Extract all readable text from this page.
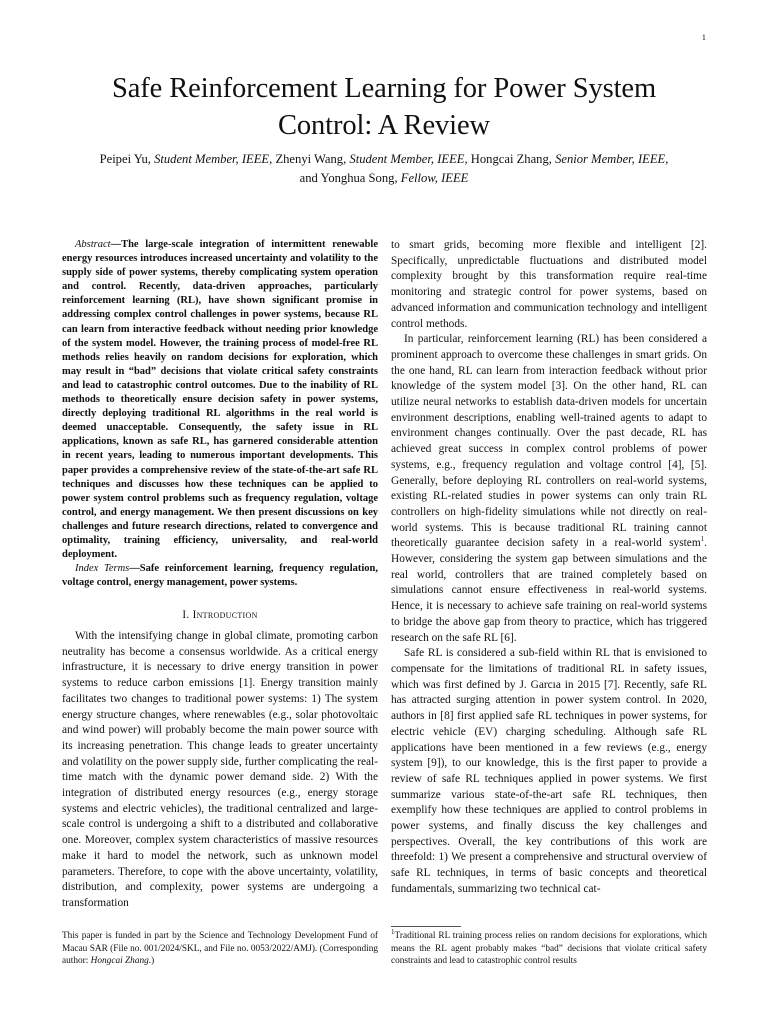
1
Safe Reinforcement Learning for Power System
Control: A Review
Peipei Yu, Student Member, IEEE, Zhenyi Wang, Student Member, IEEE, Hongcai Zhang, Senior Member, IEEE,
and Yonghua Song, Fellow, IEEE

Abstract—The large-scale integration of intermittent renewable energy resources introduces increased uncertainty and volatility to the supply side of power systems, thereby complicating system operation and control. Recently, data-driven approaches, particularly reinforcement learning (RL), have shown significant promise in addressing complex control challenges in power systems, because RL can learn from interactive feedback without needing prior knowledge of the system model. However, the training process of model-free RL methods relies heavily on random decisions for exploration, which may result in “bad” decisions that violate critical safety constraints and lead to catastrophic control outcomes. Due to the inability of RL methods to theoretically ensure decision safety in power systems, directly deploying traditional RL algorithms in the real world is deemed unacceptable. Consequently, the safety issue in RL applications, known as safe RL, has garnered considerable attention in recent years, leading to numerous important developments. This paper provides a comprehensive review of the state-of-the-art safe RL techniques and discusses how these techniques can be applied to power system control problems such as frequency regulation, voltage control, and energy management. We then present discussions on key challenges and future research directions, related to convergence and optimality, training efficiency, universality, and real-world deployment.

Index Terms—Safe reinforcement learning, frequency regulation, voltage control, energy management, power systems.

I. Introduction

With the intensifying change in global climate, promoting carbon neutrality has become a consensus worldwide. As a critical energy infrastructure, it is necessary to drive energy transition in power systems to reduce carbon emissions [1]. Energy transition mainly facilitates two changes to traditional power systems: 1) The system energy structure changes, where renewables (e.g., solar photovoltaic and wind power) will probably become the main power source with its increasing penetration. This change leads to greater uncertainty and volatility on the power supply side, further complicating the real-time match with the dynamic power demand side. 2) With the integration of distributed energy resources (e.g., energy storage systems and electric vehicles), the traditional centralized and large-scale control is undergoing a shift to a distributed and collaborative one. Moreover, complex system characteristics of massive resources make it hard to model the network, such as unknown model parameters. Therefore, to cope with the above uncertainty, volatility, distribution, and complexity, power systems are undergoing a transformation

to smart grids, becoming more flexible and intelligent [2]. Specifically, unpredictable fluctuations and distributed model complexity brought by this transformation require real-time monitoring and strategic control for power systems, based on advanced information and communication technology and intelligent control methods.

In particular, reinforcement learning (RL) has been considered a prominent approach to overcome these challenges in smart grids. On the one hand, RL can learn from interaction feedback without prior knowledge of the system model [3]. On the other hand, RL can utilize neural networks to establish data-driven models for uncertain environment descriptions, enabling well-trained agents to adapt to environment changes continually. Over the past decade, RL has achieved great success in complex control problems of power systems, e.g., frequency regulation and voltage control [4], [5]. Generally, before deploying RL controllers on real-world systems, existing RL-related studies in power systems can only train RL controllers on high-fidelity simulations while not directly on real-world systems. This is because traditional RL training cannot theoretically guarantee decision safety in a real-world system$^1$. However, considering the system gap between simulations and the real world, controllers that are trained completely based on simulations cannot ensure effectiveness in real-world systems. Hence, it is necessary to achieve safe training on real-world systems to bridge the above gap from theory to practice, which has triggered research on the safe RL [6].

Safe RL is considered a sub-field within RL that is envisioned to compensate for the limitations of traditional RL in safety issues, which was first defined by J. Garcıa in 2015 [7]. Recently, safe RL has attracted surging attention in power system control. In 2020, authors in [8] first applied safe RL techniques in power systems, for electric vehicle (EV) charging scheduling. Although safe RL applications have been mentioned in a few reviews (e.g., energy system [9]), to our knowledge, this is the first paper to provide a review of safe RL techniques applied in power systems. We first summarize various state-of-the-art safe RL techniques, then exemplify how these techniques are applied to control problems in power systems, and finally discuss the key challenges and perspectives. Overall, the key contributions of this work are threefold: 1) We present a comprehensive and structural overview of safe RL techniques, in terms of basic concepts and theoretical fundamentals, summarizing two technical cat-

This paper is funded in part by the Science and Technology Development Fund of Macau SAR (File no. 001/2024/SKL, and File no. 0053/2022/AMJ). (Corresponding author: Hongcai Zhang.)
$^1$Traditional RL training process relies on random decisions for explorations, which means the RL agent probably makes “bad” decisions that violate critical safety constraints and lead to catastrophic control results
